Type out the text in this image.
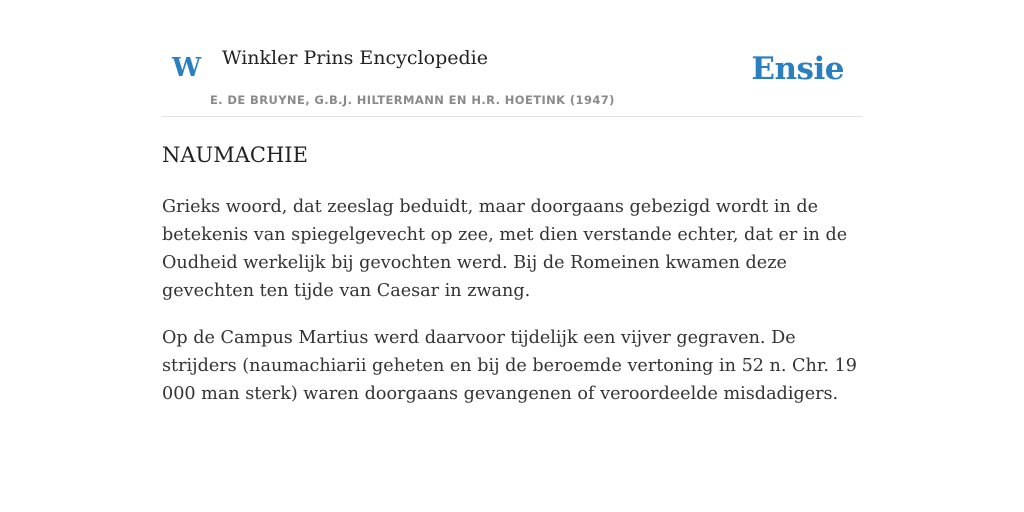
W Winkler Prins Encyclopedie
E. DE BRUYNE, G.B.J. HILTERMANN EN H.R. HOETINK (1947)
Ensie
NAUMACHIE

Grieks woord, dat zeeslag beduidt, maar doorgaans gebezigd wordt in de betekenis van spiegelgevecht op zee, met dien verstande echter, dat er in de Oudheid werkelijk bij gevochten werd. Bij de Romeinen kwamen deze gevechten ten tijde van Caesar in zwang.

Op de Campus Martius werd daarvoor tijdelijk een vijver gegraven. De strijders (naumachiarii geheten en bij de beroemde vertoning in 52 n. Chr. 19 000 man sterk) waren doorgaans gevangenen of veroordeelde misdadigers.
